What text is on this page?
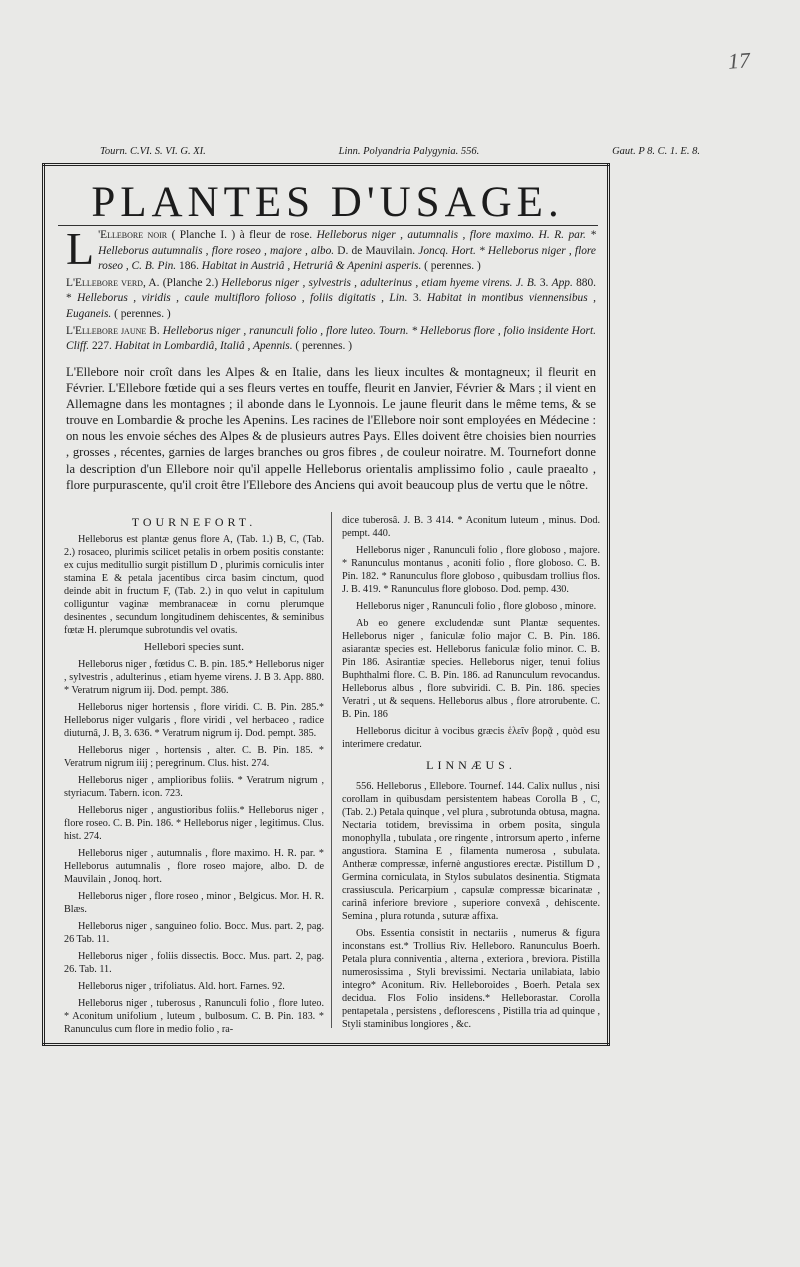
17
Tourn. C.VI. S. VI. G. XI.	Linn. Polyandria Palygynia. 556.	Gaut. P 8. C. 1. E. 8.
PLANTES D'USAGE.

L 'Ellebore noir ( Planche I. ) à fleur de rose. Helleborus niger , autumnalis , flore maximo. H. R. par. * Helleborus autumnalis , flore roseo , majore , albo. D. de Mauvilain. Joncq. Hort. * Helleborus niger , flore roseo , C. B. Pin. 186. Habitat in Austriâ , Hetruriâ & Apenini asperis. ( perennes. )

L'Ellebore verd, A. (Planche 2.) Helleborus niger , sylvestris , adulterinus , etiam hyeme virens. J. B. 3. App. 880. * Helleborus , viridis , caule multifloro folioso , foliis digitatis , Lin. 3. Habitat in montibus viennensibus , Euganeis. ( perennes. )

L'Ellebore jaune B. Helleborus niger , ranunculi folio , flore luteo. Tourn. * Helleborus flore , folio insidente Hort. Cliff. 227. Habitat in Lombardiâ, Italiâ , Apennis. ( perennes. )

L'Ellebore noir croît dans les Alpes & en Italie, dans les lieux incultes & montagneux; il fleurit en Février. L'Ellebore fœtide qui a ses fleurs vertes en touffe, fleurit en Janvier, Février & Mars ; il vient en Allemagne dans les montagnes ; il abonde dans le Lyonnois. Le jaune fleurit dans le même tems, & se trouve en Lombardie & proche les Apenins. Les racines de l'Ellebore noir sont employées en Médecine : on nous les envoie séches des Alpes & de plusieurs autres Pays. Elles doivent être choisies bien nourries , grosses , récentes, garnies de larges branches ou gros fibres , de couleur noiratre. M. Tournefort donne la description d'un Ellebore noir qu'il appelle Helleborus orientalis amplissimo folio , caule praealto , flore purpurascente, qu'il croit être l'Ellebore des Anciens qui avoit beaucoup plus de vertu que le nôtre.

TOURNEFORT.

Helleborus est plantæ genus flore A, (Tab. 1.) B, C, (Tab. 2.) rosaceo, plurimis scilicet petalis in orbem positis constante: ex cujus meditullio surgit pistillum D , plurimis corniculis inter stamina E & petala jacentibus circa basim cinctum, quod deinde abit in fructum F, (Tab. 2.) in quo velut in capitulum colliguntur vaginæ membranaceæ in cornu plerumque desinentes , secundum longitudinem dehiscentes, & seminibus fœtæ H. plerumque subrotundis vel ovatis.

Hellebori species sunt.

Helleborus niger , fœtidus C. B. pin. 185.* Helleborus niger , sylvestris , adulterinus , etiam hyeme virens. J. B 3. App. 880. * Veratrum nigrum iij. Dod. pempt. 386.

Helleborus niger hortensis , flore viridi. C. B. Pin. 285.* Helleborus niger vulgaris , flore viridi , vel herbaceo , radice diuturnâ, J. B, 3. 636. * Veratrum nigrum ij. Dod. pempt. 385.

Helleborus niger , hortensis , alter. C. B. Pin. 185. * Veratrum nigrum iiij ; peregrinum. Clus. hist. 274.

Helleborus niger , amplioribus foliis. * Veratrum nigrum , styriacum. Tabern. icon. 723.

Helleborus niger , angustioribus foliis.* Helleborus niger , flore roseo. C. B. Pin. 186. * Helleborus niger , legitimus. Clus. hist. 274.

Helleborus niger , autumnalis , flore maximo. H. R. par. * Helleborus autumnalis , flore roseo majore, albo. D. de Mauvilain , Jonoq. hort.

Helleborus niger , flore roseo , minor , Belgicus. Mor. H. R. Blæs.

Helleborus niger , sanguineo folio. Bocc. Mus. part. 2, pag. 26 Tab. 11.

Helleborus niger , foliis dissectis. Bocc. Mus. part. 2, pag. 26. Tab. 11.

Helleborus niger , trifoliatus. Ald. hort. Farnes. 92.

Helleborus niger , tuberosus , Ranunculi folio , flore luteo. * Aconitum unifolium , luteum , bulbosum. C. B. Pin. 183. * Ranunculus cum flore in medio folio , ra-

dice tuberosâ. J. B. 3 414. * Aconitum luteum , minus. Dod. pempt. 440.

Helleborus niger , Ranunculi folio , flore globoso , majore. * Ranunculus montanus , aconiti folio , flore globoso. C. B. Pin. 182. * Ranunculus flore globoso , quibusdam trollius flos. J. B. 419. * Ranunculus flore globoso. Dod. pemp. 430.

Helleborus niger , Ranunculi folio , flore globoso , minore.

Ab eo genere excludendæ sunt Plantæ sequentes. Helleborus niger , faniculæ folio major C. B. Pin. 186. asiarantæ species est. Helleborus faniculæ folio minor. C. B. Pin 186. Asirantiæ species. Helleborus niger, tenui folius Buphthalmi flore. C. B. Pin. 186. ad Ranunculum revocandus. Helleborus albus , flore subviridi. C. B. Pin. 186. species Veratri , ut & sequens. Helleborus albus , flore atrorubente. C. B. Pin. 186

Helleborus dicitur à vocibus græcis ἑλεῖν βορᾷ , quòd esu interimere credatur.

LINNÆUS.

556. Helleborus , Ellebore. Tournef. 144. Calix nullus , nisi corollam in quibusdam persistentem habeas Corolla B , C, (Tab. 2.) Petala quinque , vel plura , subrotunda obtusa, magna. Nectaria totidem, brevissima in orbem posita, singula monophylla , tubulata , ore ringente , introrsum aperto , inferne angustiora. Stamina E , filamenta numerosa , subulata. Antheræ compressæ, infernè angustiores erectæ. Pistillum D , Germina corniculata, in Stylos subulatos desinentia. Stigmata crassiuscula. Pericarpium , capsulæ compressæ bicarinatæ , carinâ inferiore breviore , superiore convexâ , dehiscente. Semina , plura rotunda , suturæ affixa.

Obs. Essentia consistit in nectariis , numerus & figura inconstans est.* Trollius Riv. Helleboro. Ranunculus Boerh. Petala plura conniventia , alterna , exteriora , breviora. Pistilla numerosissima , Styli brevissimi. Nectaria unilabiata, labio integro* Aconitum. Riv. Helleboroides , Boerh. Petala sex decidua. Flos Folio insidens.* Helleborastar. Corolla pentapetala , persistens , deflorescens , Pistilla tria ad quinque , Styli staminibus longiores , &c.
